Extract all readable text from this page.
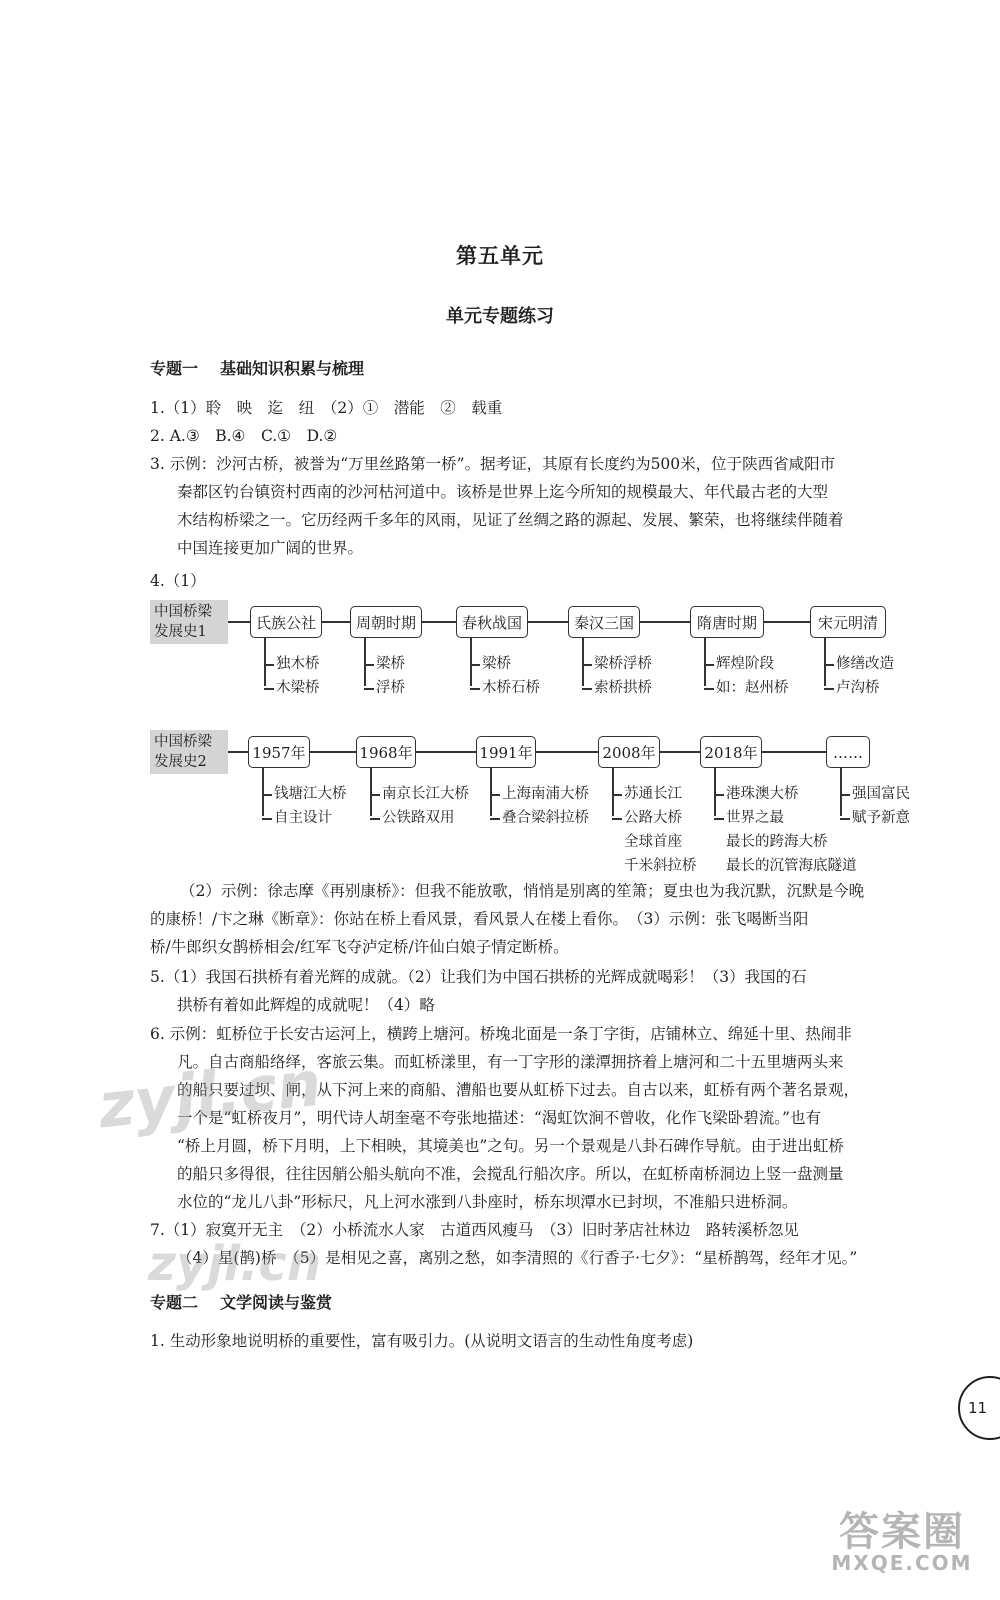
第五单元
单元专题练习
专题一 基础知识积累与梳理
1.（1）聆　映　迄　纽　（2）①　潜能　②　载重
2. A.③　B.④　C.①　D.②
3. 示例：沙河古桥，被誉为“万里丝路第一桥”。据考证，其原有长度约为500米，位于陕西省咸阳市
秦都区钓台镇资村西南的沙河枯河道中。该桥是世界上迄今所知的规模最大、年代最古老的大型
木结构桥梁之一。它历经两千多年的风雨，见证了丝绸之路的源起、发展、繁荣，也将继续伴随着
中国连接更加广阔的世界。
4.（1）
中国桥梁发展史1	氏族公社
独木桥
木梁桥
周朝时期
梁桥
浮桥
春秋战国
梁桥
木桥石桥
秦汉三国
梁桥浮桥
索桥拱桥
隋唐时期
辉煌阶段
如：赵州桥
宋元明清
修缮改造
卢沟桥
中国桥梁发展史2	1957年
钱塘江大桥
自主设计
1968年
南京长江大桥
公铁路双用
1991年
上海南浦大桥
叠合梁斜拉桥
2008年
苏通长江
公路大桥
全球首座
千米斜拉桥
2018年
港珠澳大桥
世界之最
最长的跨海大桥
最长的沉管海底隧道
……
强国富民
赋予新意
（2）示例：徐志摩《再别康桥》：但我不能放歌，悄悄是别离的笙箫；夏虫也为我沉默，沉默是今晚
的康桥！/卞之琳《断章》：你站在桥上看风景，看风景人在楼上看你。　（3）示例：张飞喝断当阳
桥/牛郎织女鹊桥相会/红军飞夺泸定桥/许仙白娘子情定断桥。
5.（1）我国石拱桥有着光辉的成就。（2）让我们为中国石拱桥的光辉成就喝彩！（3）我国的石
拱桥有着如此辉煌的成就呢！（4）略
6. 示例：虹桥位于长安古运河上，横跨上塘河。桥堍北面是一条丁字街，店铺林立、绵延十里、热闹非
凡。自古商船络绎，客旅云集。而虹桥漾里，有一丁字形的漾潭拥挤着上塘河和二十五里塘两头来
的船只要过坝、闸，从下河上来的商船、漕船也要从虹桥下过去。自古以来，虹桥有两个著名景观，
一个是“虹桥夜月”，明代诗人胡奎毫不夸张地描述：“渴虹饮涧不曾收，化作飞梁卧碧流。”也有
“桥上月圆，桥下月明，上下相映，其境美也”之句。另一个景观是八卦石碑作导航。由于进出虹桥
的船只多得很，往往因艄公船头航向不准，会搅乱行船次序。所以，在虹桥南桥洞边上竖一盘测量
水位的“龙儿八卦”形标尺，凡上河水涨到八卦座时，桥东坝潭水已封坝，不准船只进桥洞。
7.（1）寂寞开无主　（2）小桥流水人家　古道西风瘦马　（3）旧时茅店社林边　路转溪桥忽见
（4）星(鹊)桥　（5）是相见之喜，离别之愁，如李清照的《行香子·七夕》：“星桥鹊驾，经年才见。”
专题二 文学阅读与鉴赏
1. 生动形象地说明桥的重要性，富有吸引力。(从说明文语言的生动性角度考虑)
zyjl.cn
zyjl.cn
11
答案圈
MXQE.COM
